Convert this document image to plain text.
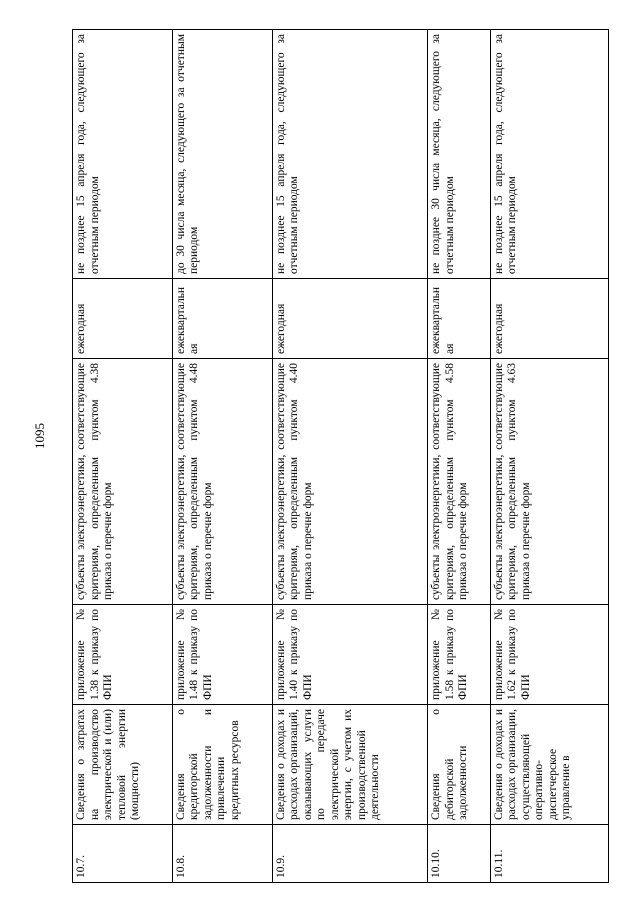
1095
10.7.	Сведения о затратах на производство электрической и (или) тепловой энергии (мощности)	приложение № 1.38 к приказу по ФПИ	субъекты электроэнергетики, соответствующие критериям, определенным пунктом 4.38 приказа о перечне форм	ежегодная	не позднее 15 апреля года, следующего за отчетным периодом
10.8.	Сведения о кредиторской задолженности и привлечении кредитных ресурсов	приложение № 1.48 к приказу по ФПИ	субъекты электроэнергетики, соответствующие критериям, определенным пунктом 4.48 приказа о перечне форм	ежеквартальная	до 30 числа месяца, следующего за отчетным периодом
10.9.	Сведения о доходах и расходах организаций, оказывающих услуги по передаче электрической энергии, с учетом их производственной деятельности	приложение № 1.40 к приказу по ФПИ	субъекты электроэнергетики, соответствующие критериям, определенным пунктом 4.40 приказа о перечне форм	ежегодная	не позднее 15 апреля года, следующего за отчетным периодом
10.10.	Сведения о дебиторской задолженности	приложение № 1.58 к приказу по ФПИ	субъекты электроэнергетики, соответствующие критериям, определенным пунктом 4.58 приказа о перечне форм	ежеквартальная	не позднее 30 числа месяца, следующего за отчетным периодом
10.11.	Сведения о доходах и расходах организации, осуществляющей оперативно-диспетчерское управление в	приложение № 1.62 к приказу по ФПИ	субъекты электроэнергетики, соответствующие критериям, определенным пунктом 4.63 приказа о перечне форм	ежегодная	не позднее 15 апреля года, следующего за отчетным периодом
